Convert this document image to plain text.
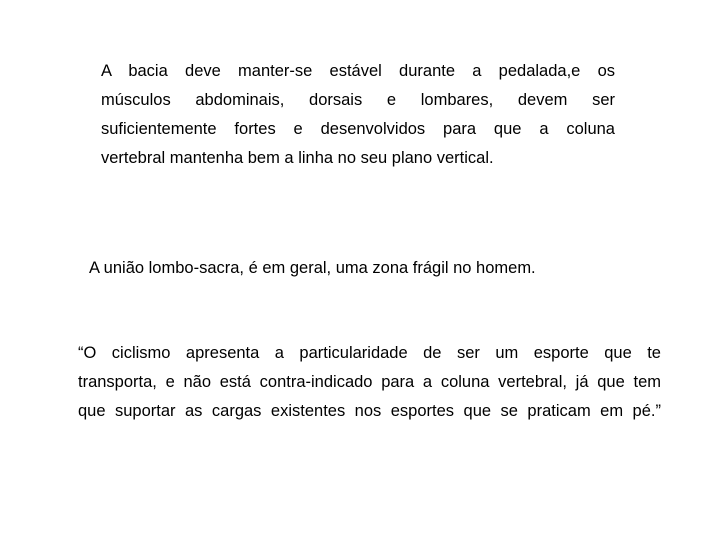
A bacia deve manter-se estável durante a pedalada,e os
músculos abdominais, dorsais e lombares, devem ser
suficientemente fortes e desenvolvidos para que a coluna
vertebral mantenha bem a linha no seu plano vertical.

A união lombo-sacra, é em geral, uma zona frágil no homem.

“O ciclismo apresenta a particularidade de ser um esporte que te
transporta, e não está contra-indicado para a coluna vertebral, já que tem
que suportar as cargas existentes nos esportes que se praticam em pé.”
